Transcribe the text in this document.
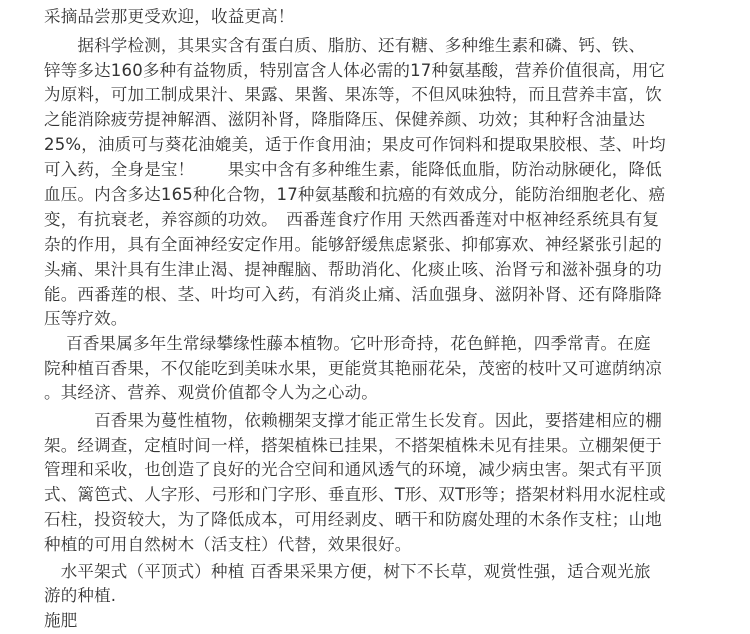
采摘品尝那更受欢迎，收益更高！
　　据科学检测，其果实含有蛋白质、脂肪、还有糖、多种维生素和磷、钙、铁、
锌等多达160多种有益物质，特别富含人体必需的17种氨基酸，营养价值很高，用它
为原料，可加工制成果汁、果露、果酱、果冻等，不但风味独特，而且营养丰富，饮
之能消除疲劳提神解酒、滋阴补肾，降脂降压、保健养颜、功效；其种籽含油量达
25%，油质可与葵花油媲美，适于作食用油；果皮可作饲料和提取果胶根、茎、叶均
可入药，全身是宝！　　果实中含有多种维生素，能降低血脂，防治动脉硬化，降低
血压。内含多达165种化合物，17种氨基酸和抗癌的有效成分，能防治细胞老化、癌
变，有抗衰老，养容颜的功效。　西番莲食疗作用 天然西番莲对中枢神经系统具有复
杂的作用，具有全面神经安定作用。能够舒缓焦虑紧张、抑郁寡欢、神经紧张引起的
头痛、果汁具有生津止渴、提神醒脑、帮助消化、化痰止咳、治肾亏和滋补强身的功
能。西番莲的根、茎、叶均可入药，有消炎止痛、活血强身、滋阴补肾、还有降脂降
压等疗效。
　 百香果属多年生常绿攀缘性藤本植物。它叶形奇持，花色鲜艳，四季常青。在庭
院种植百香果，不仅能吃到美味水果，更能赏其艳丽花朵，茂密的枝叶又可遮荫纳凉
。其经济、营养、观赏价值都令人为之心动。
　　　百香果为蔓性植物，依赖棚架支撑才能正常生长发育。因此，要搭建相应的棚
架。经调查，定植时间一样，搭架植株已挂果，不搭架植株未见有挂果。立棚架便于
管理和采收，也创造了良好的光合空间和通风透气的环境，减少病虫害。架式有平顶
式、篱笆式、人字形、弓形和门字形、垂直形、T形、双T形等；搭架材料用水泥柱或
石柱，投资较大，为了降低成本，可用经剥皮、晒干和防腐处理的木条作支柱；山地
种植的可用自然树木（活支柱）代替，效果很好。
　水平架式（平顶式）种植 百香果采果方便，树下不长草，观赏性强，适合观光旅
游的种植.
施肥
